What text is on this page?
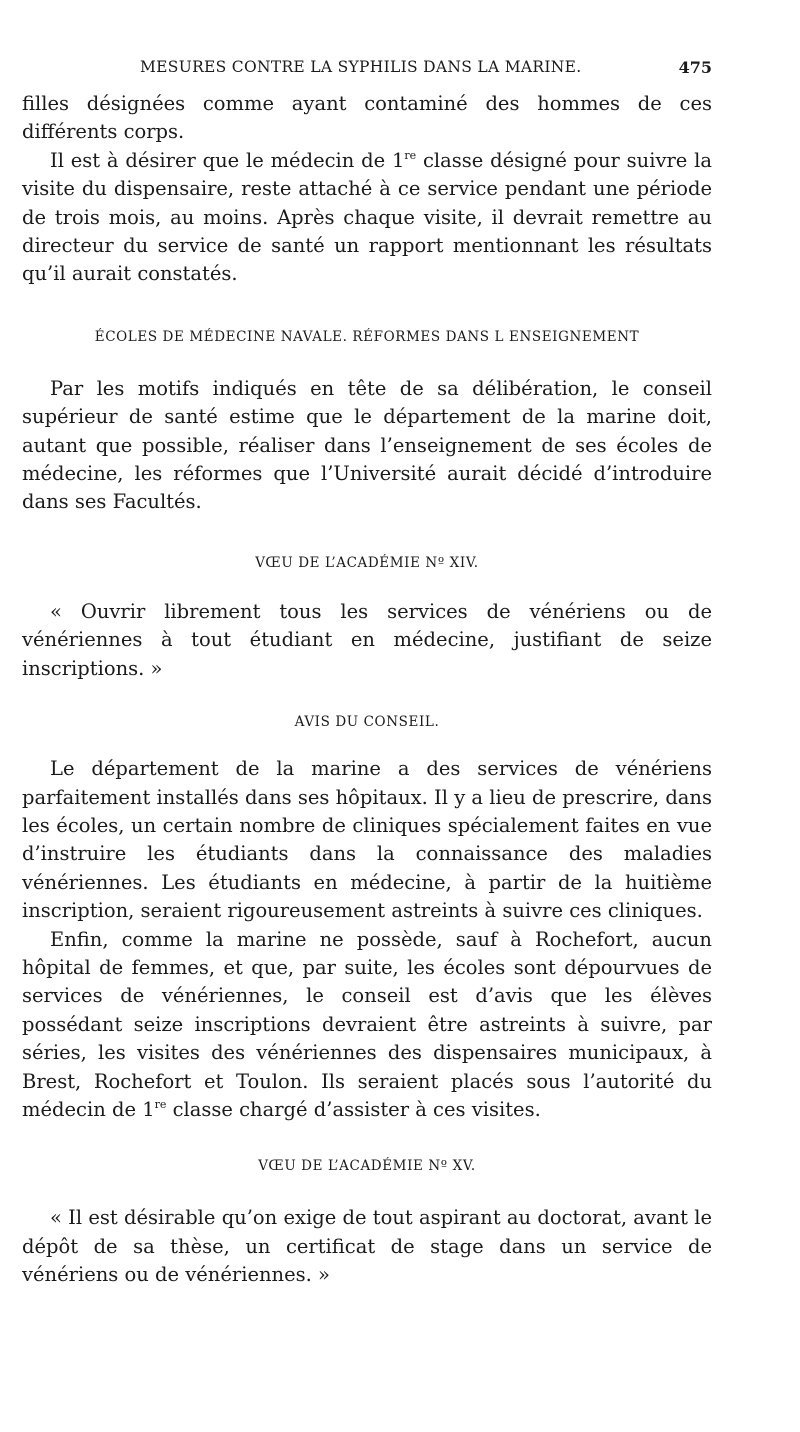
MESURES CONTRE LA SYPHILIS DANS LA MARINE.	475

filles désignées comme ayant contaminé des hommes de ces différents corps.

Il est à désirer que le médecin de 1re classe désigné pour suivre la visite du dispensaire, reste attaché à ce service pendant une période de trois mois, au moins. Après chaque visite, il devrait remettre au directeur du service de santé un rapport mentionnant les résultats qu’il aurait constatés.

ÉCOLES DE MÉDECINE NAVALE. RÉFORMES DANS L ENSEIGNEMENT

Par les motifs indiqués en tête de sa délibération, le conseil supérieur de santé estime que le département de la marine doit, autant que possible, réaliser dans l’enseignement de ses écoles de médecine, les réformes que l’Université aurait décidé d’introduire dans ses Facultés.

VŒU DE L’ACADÉMIE Nº XIV.

« Ouvrir librement tous les services de vénériens ou de vénériennes à tout étudiant en médecine, justifiant de seize inscriptions. »

AVIS DU CONSEIL.

Le département de la marine a des services de vénériens parfaitement installés dans ses hôpitaux. Il y a lieu de prescrire, dans les écoles, un certain nombre de cliniques spécialement faites en vue d’instruire les étudiants dans la connaissance des maladies vénériennes. Les étudiants en médecine, à partir de la huitième inscription, seraient rigoureusement astreints à suivre ces cliniques.

Enfin, comme la marine ne possède, sauf à Rochefort, aucun hôpital de femmes, et que, par suite, les écoles sont dépourvues de services de vénériennes, le conseil est d’avis que les élèves possédant seize inscriptions devraient être astreints à suivre, par séries, les visites des vénériennes des dispensaires municipaux, à Brest, Rochefort et Toulon. Ils seraient placés sous l’autorité du médecin de 1re classe chargé d’assister à ces visites.

VŒU DE L’ACADÉMIE Nº XV.

« Il est désirable qu’on exige de tout aspirant au doctorat, avant le dépôt de sa thèse, un certificat de stage dans un service de vénériens ou de vénériennes. »
